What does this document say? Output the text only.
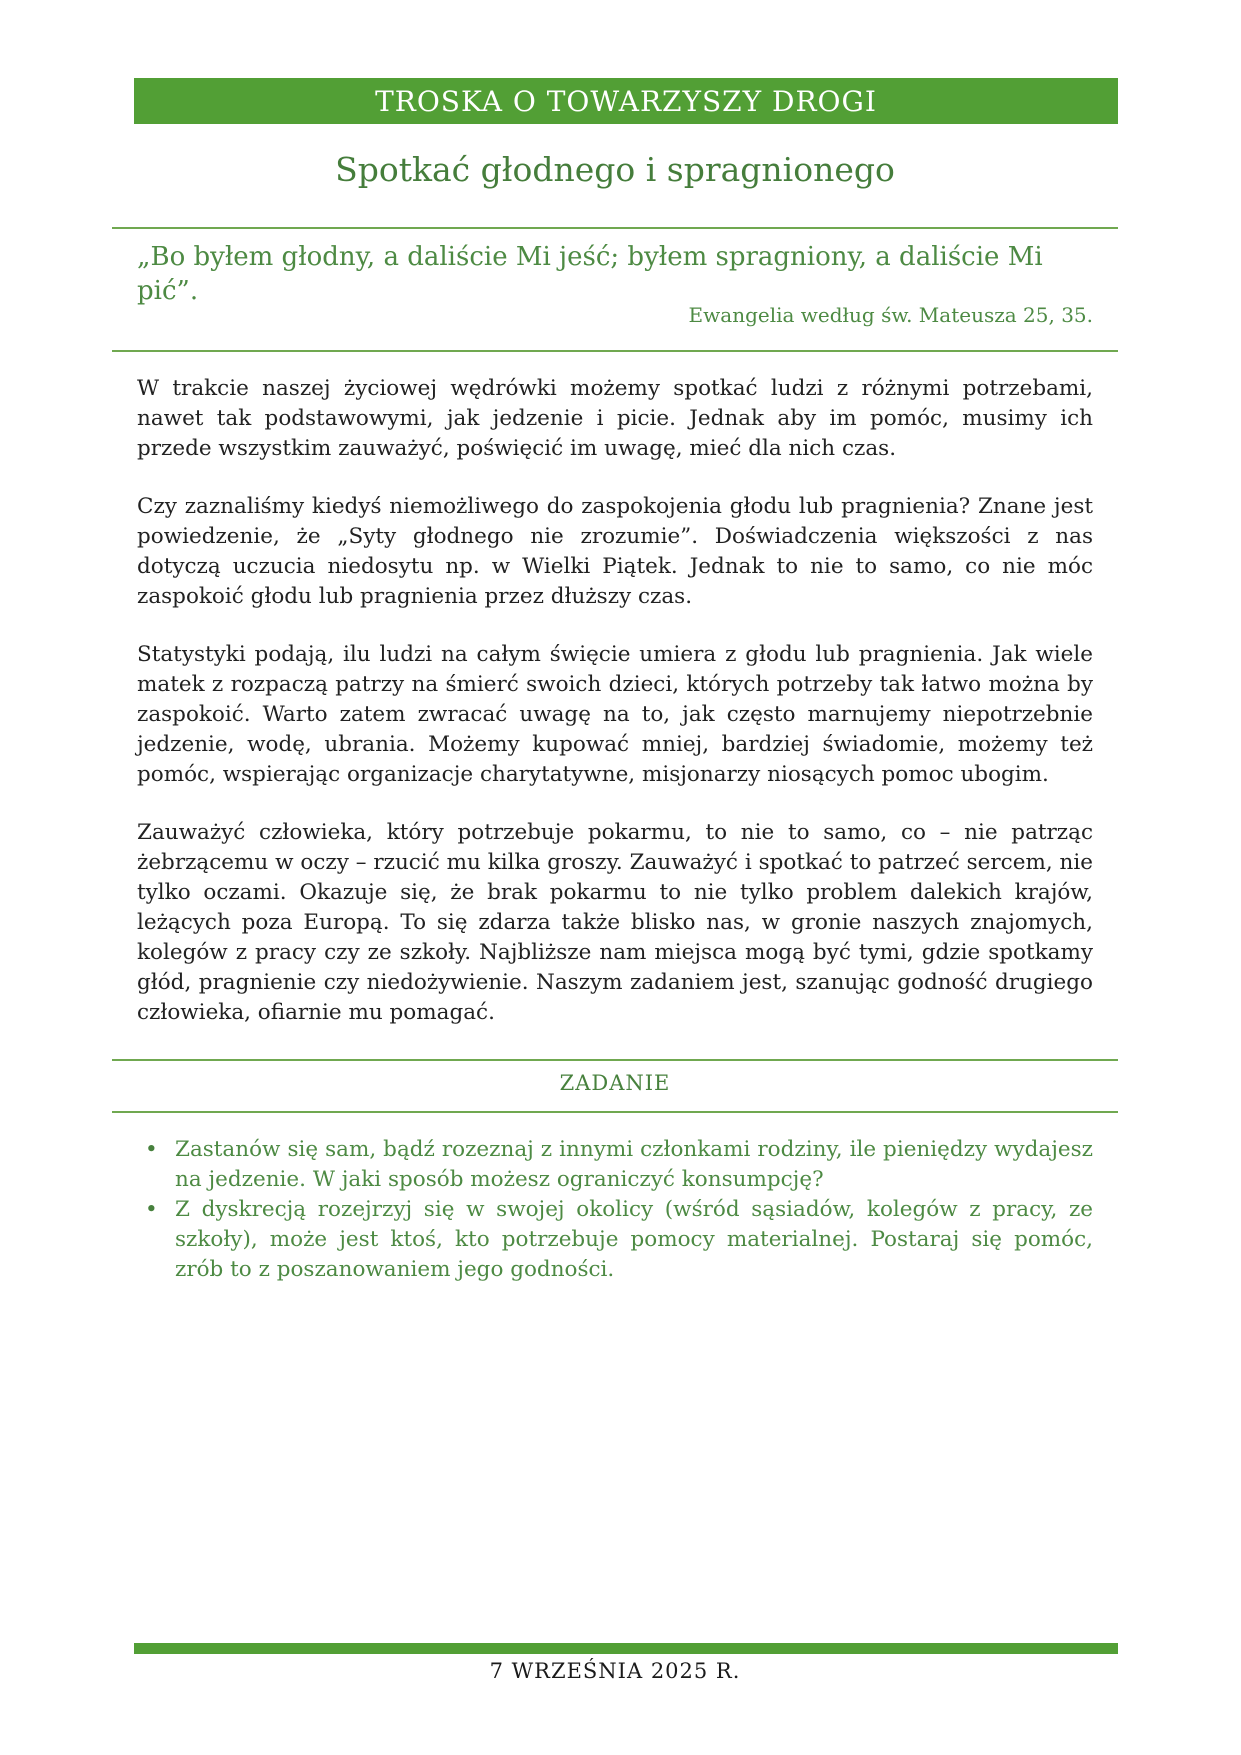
TROSKA O TOWARZYSZY DROGI
Spotkać głodnego i spragnionego

„Bo byłem głodny, a daliście Mi jeść; byłem spragniony, a daliście Mi pić”.

Ewangelia według św. Mateusza 25, 35.

W trakcie naszej życiowej wędrówki możemy spotkać ludzi z różnymi potrzebami, nawet tak podstawowymi, jak jedzenie i picie. Jednak aby im pomóc, musimy ich przede wszystkim zauważyć, poświęcić im uwagę, mieć dla nich czas.

Czy zaznaliśmy kiedyś niemożliwego do zaspokojenia głodu lub pragnienia? Znane jest powiedzenie, że „Syty głodnego nie zrozumie”. Doświadczenia większości z nas dotyczą uczucia niedosytu np. w Wielki Piątek. Jednak to nie to samo, co nie móc zaspokoić głodu lub pragnienia przez dłuższy czas.

Statystyki podają, ilu ludzi na całym święcie umiera z głodu lub pragnienia. Jak wiele matek z rozpaczą patrzy na śmierć swoich dzieci, których potrzeby tak łatwo można by zaspokoić. Warto zatem zwracać uwagę na to, jak często marnujemy niepotrzebnie jedzenie, wodę, ubrania. Możemy kupować mniej, bardziej świadomie, możemy też pomóc, wspierając organizacje charytatywne, misjonarzy niosących pomoc ubogim.

Zauważyć człowieka, który potrzebuje pokarmu, to nie to samo, co – nie patrząc żebrzącemu w oczy – rzucić mu kilka groszy. Zauważyć i spotkać to patrzeć sercem, nie tylko oczami. Okazuje się, że brak pokarmu to nie tylko problem dalekich krajów, leżących poza Europą. To się zdarza także blisko nas, w gronie naszych znajomych, kolegów z pracy czy ze szkoły. Najbliższe nam miejsca mogą być tymi, gdzie spotkamy głód, pragnienie czy niedożywienie. Naszym zadaniem jest, szanując godność drugiego człowieka, ofiarnie mu pomagać.

ZADANIE
• Zastanów się sam, bądź rozeznaj z innymi członkami rodziny, ile pieniędzy wydajesz na jedzenie. W jaki sposób możesz ograniczyć konsumpcję?
• Z dyskrecją rozejrzyj się w swojej okolicy (wśród sąsiadów, kolegów z pracy, ze szkoły), może jest ktoś, kto potrzebuje pomocy materialnej. Postaraj się pomóc, zrób to z poszanowaniem jego godności.
7 WRZEŚNIA 2025 R.
